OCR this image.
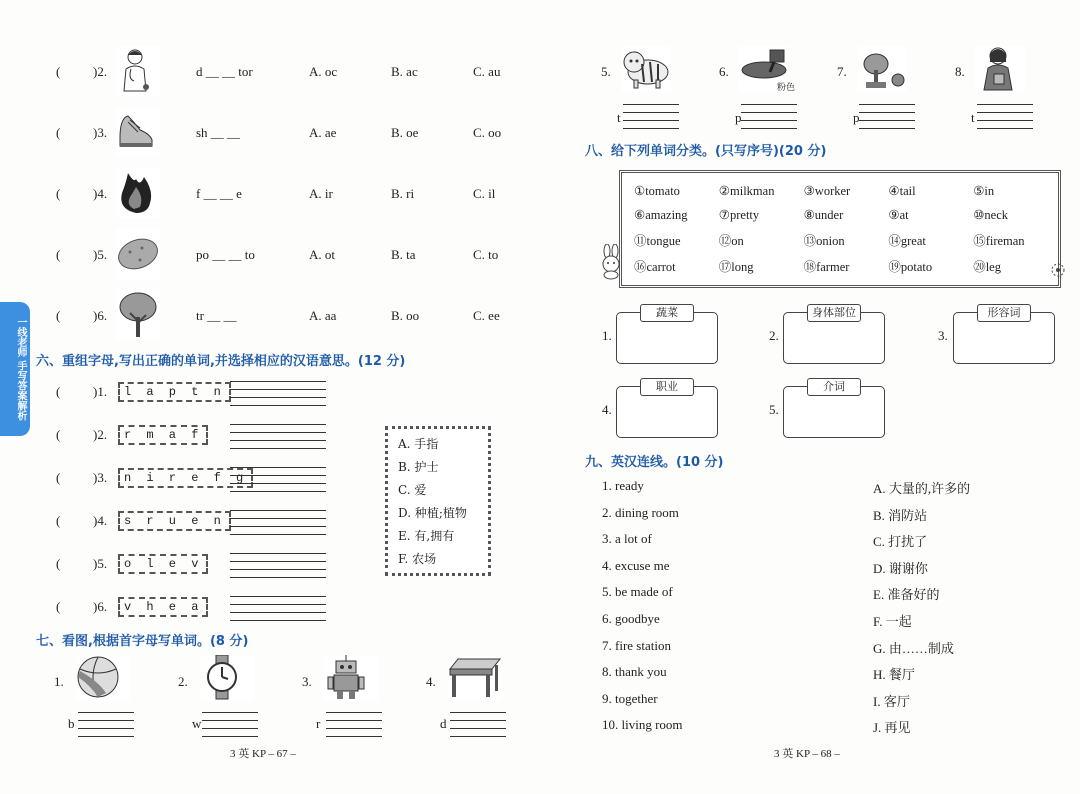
一线老师 手写答案解析 六、重组字母,写出正确的单词,并选择相应的汉语意思。(12 分)
七、看图,根据首字母写单词。(8 分)
A. 手指
B. 护士
C. 爱
D. 种植;植物
E. 有,拥有
F. 农场
3 英 KP – 67 –
八、给下列单词分类。(只写序号)(20 分)
①tomato	②milkman	③worker	④tail	⑤in
⑥amazing	⑦pretty	⑧under	⑨at	⑩neck
⑪tongue	⑫on	⑬onion	⑭great	⑮fireman
⑯carrot	⑰long	⑱farmer	⑲potato	⑳leg
九、英汉连线。(10 分)
3 英 KP – 68 –
(	)2.	d __ __ tor	A. oc	B. ac	C. au
(	)3.	sh __ __	A. ae	B. oe	C. oo
(	)4.	f __ __ e	A. ir	B. ri	C. il
(	)5.	po __ __ to	A. ot	B. ta	C. to
(	)6.	tr __ __	A. aa	B. oo	C. ee
(	)1.	l a p t n
(	)2.	r m a f
(	)3.	n i r e f g
(	)4.	s r u e n
(	)5.	o l e v
(	)6.	v h e a
1.
b
2.
w
3.
r
4.
d
5.
t
6.
粉色
p
7.
p
8.
t
1.
蔬菜
2.
身体部位
3.
形容词
4.
职业
5.
介词
1. ready
2. dining room
3. a lot of
4. excuse me
5. be made of
6. goodbye
7. fire station
8. thank you
9. together
10. living room
A. 大量的,许多的
B. 消防站
C. 打扰了
D. 谢谢你
E. 准备好的
F. 一起
G. 由……制成
H. 餐厅
I. 客厅
J. 再见
